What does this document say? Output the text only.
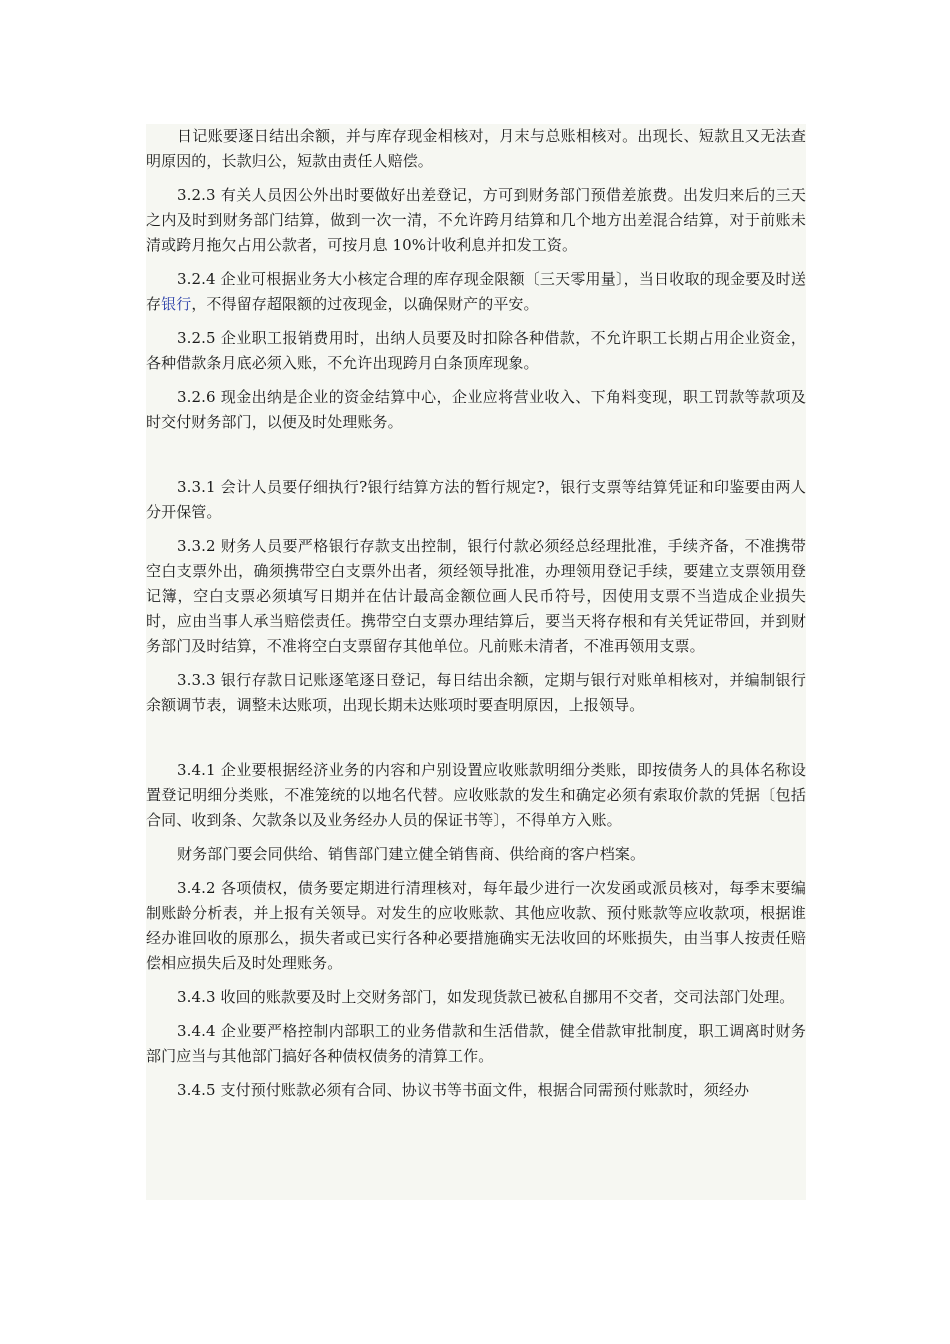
日记账要逐日结出余额，并与库存现金相核对，月末与总账相核对。出现长、短款且又无法查明原因的，长款归公，短款由责任人赔偿。

3.2.3 有关人员因公外出时要做好出差登记，方可到财务部门预借差旅费。出发归来后的三天之内及时到财务部门结算，做到一次一清，不允许跨月结算和几个地方出差混合结算，对于前账未清或跨月拖欠占用公款者，可按月息 10%计收利息并扣发工资。

3.2.4 企业可根据业务大小核定合理的库存现金限额〔三天零用量〕，当日收取的现金要及时送存银行，不得留存超限额的过夜现金，以确保财产的平安。

3.2.5 企业职工报销费用时，出纳人员要及时扣除各种借款，不允许职工长期占用企业资金，各种借款条月底必须入账，不允许出现跨月白条顶库现象。

3.2.6 现金出纳是企业的资金结算中心，企业应将营业收入、下角料变现，职工罚款等款项及时交付财务部门，以便及时处理账务。

3.3.1 会计人员要仔细执行?银行结算方法的暂行规定?，银行支票等结算凭证和印鉴要由两人分开保管。

3.3.2 财务人员要严格银行存款支出控制，银行付款必须经总经理批准，手续齐备，不准携带空白支票外出，确须携带空白支票外出者，须经领导批准，办理领用登记手续，要建立支票领用登记簿，空白支票必须填写日期并在估计最高金额位画人民币符号，因使用支票不当造成企业损失时，应由当事人承当赔偿责任。携带空白支票办理结算后，要当天将存根和有关凭证带回，并到财务部门及时结算，不准将空白支票留存其他单位。凡前账未清者，不准再领用支票。

3.3.3 银行存款日记账逐笔逐日登记，每日结出余额，定期与银行对账单相核对，并编制银行余额调节表，调整未达账项，出现长期未达账项时要查明原因，上报领导。

3.4.1 企业要根据经济业务的内容和户别设置应收账款明细分类账，即按债务人的具体名称设置登记明细分类账，不准笼统的以地名代替。应收账款的发生和确定必须有索取价款的凭据〔包括合同、收到条、欠款条以及业务经办人员的保证书等〕，不得单方入账。

财务部门要会同供给、销售部门建立健全销售商、供给商的客户档案。

3.4.2 各项债权，债务要定期进行清理核对，每年最少进行一次发函或派员核对，每季末要编制账龄分析表，并上报有关领导。对发生的应收账款、其他应收款、预付账款等应收款项，根据谁经办谁回收的原那么，损失者或已实行各种必要措施确实无法收回的坏账损失，由当事人按责任赔偿相应损失后及时处理账务。

3.4.3 收回的账款要及时上交财务部门，如发现货款已被私自挪用不交者，交司法部门处理。

3.4.4 企业要严格控制内部职工的业务借款和生活借款，健全借款审批制度，职工调离时财务部门应当与其他部门搞好各种债权债务的清算工作。

3.4.5 支付预付账款必须有合同、协议书等书面文件，根据合同需预付账款时，须经办
